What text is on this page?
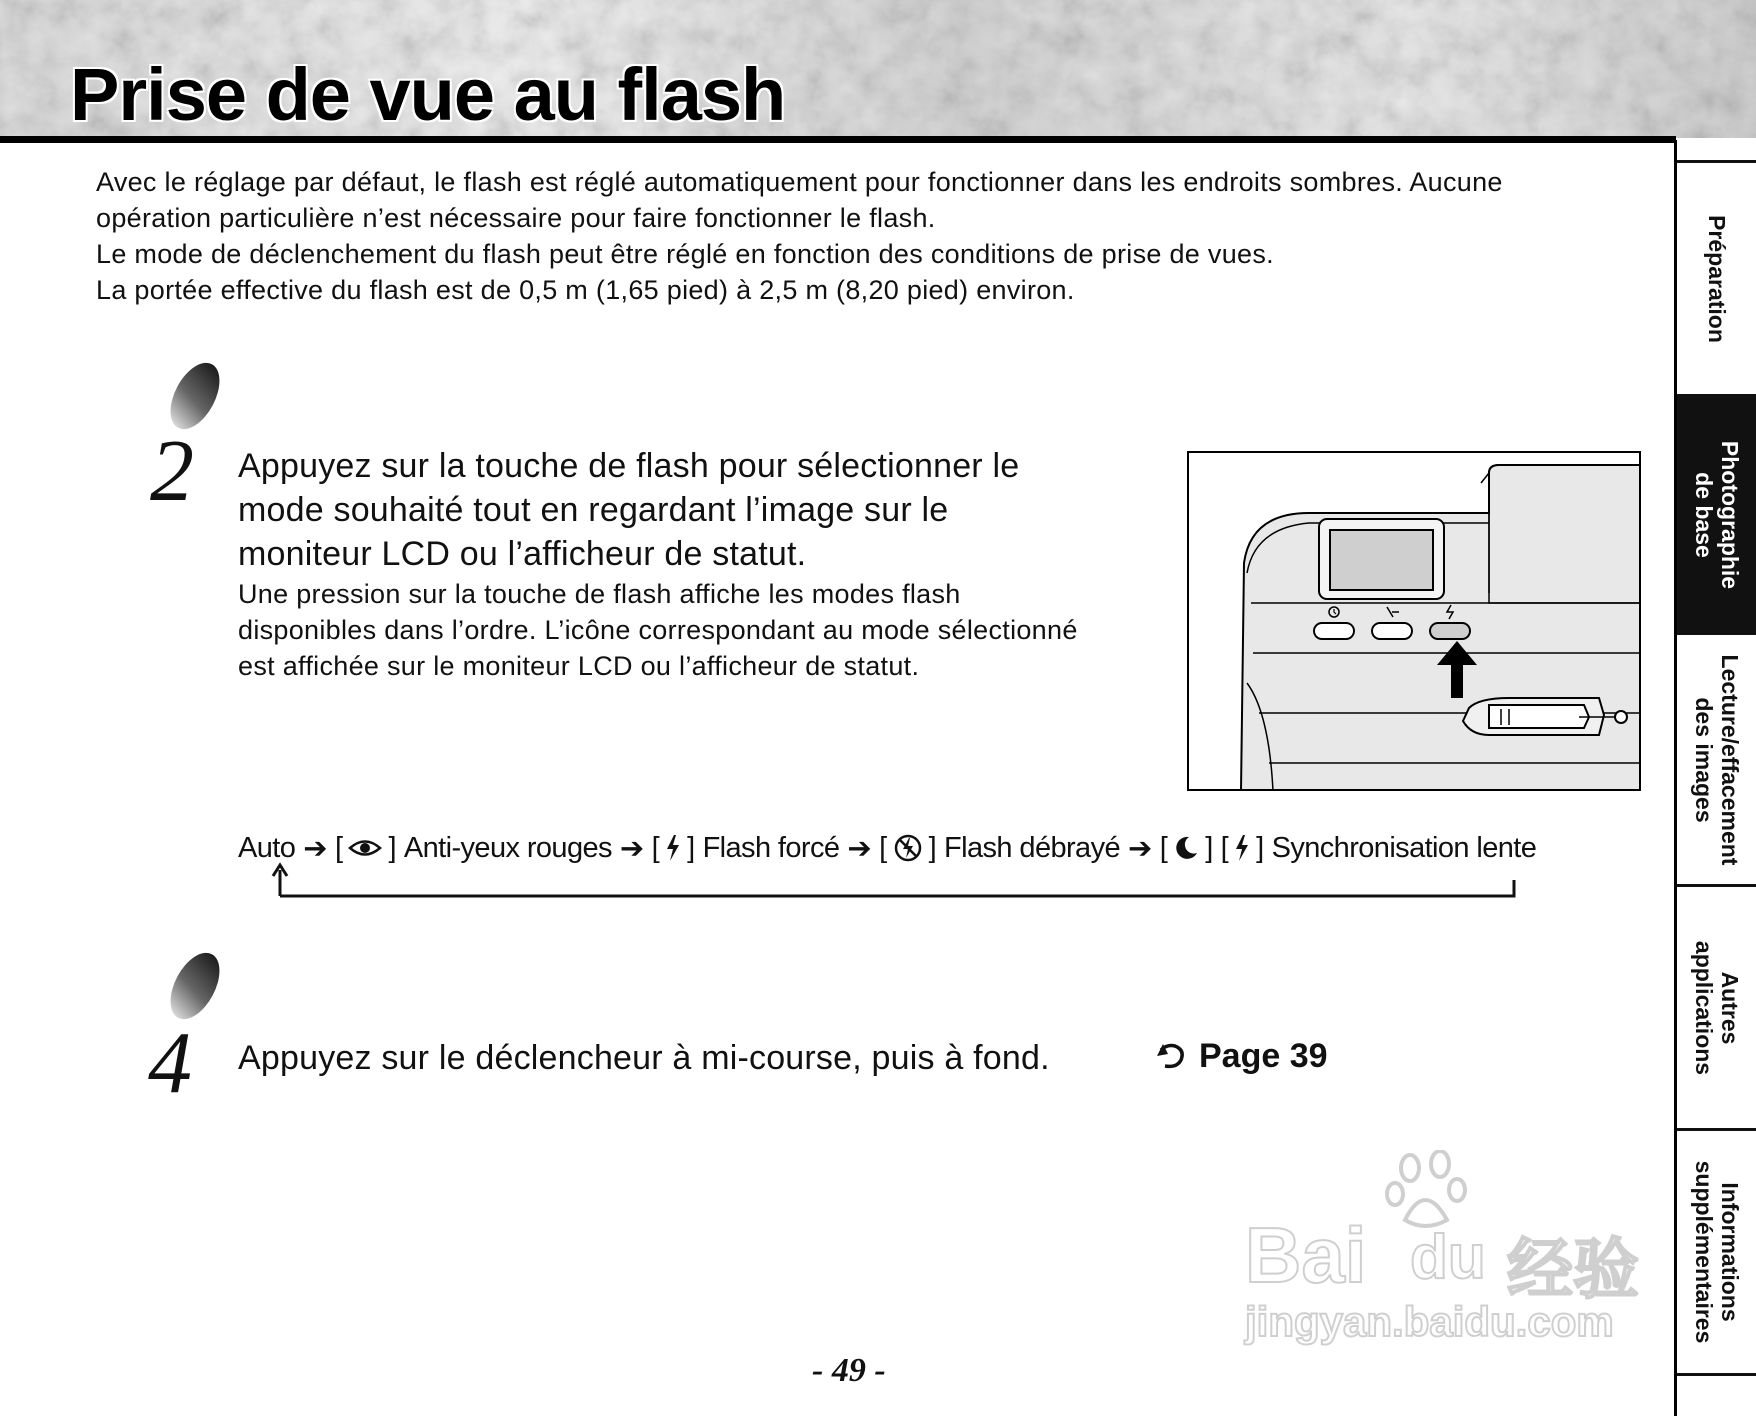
Prise de vue au flash

Avec le réglage par défaut, le flash est réglé automatiquement pour fonctionner dans les endroits sombres. Aucune

opération particulière n’est nécessaire pour faire fonctionner le flash.

Le mode de déclenchement du flash peut être réglé en fonction des conditions de prise de vues.

La portée effective du flash est de 0,5 m (1,65 pied) à 2,5 m (8,20 pied) environ.

2 Appuyez sur la touche de flash pour sélectionner le
mode souhaité tout en regardant l’image sur le
moniteur LCD ou l’afficheur de statut.
Une pression sur la touche de flash affiche les modes flash
disponibles dans l’ordre. L’icône correspondant au mode sélectionné
est affichée sur le moniteur LCD ou l’afficheur de statut.
Auto ➔ [ ] Anti-yeux rouges ➔ [ ] Flash forcé ➔ [ ] Flash débrayé ➔ [ ] [ ] Synchronisation lente
4 Appuyez sur le déclencheur à mi-course, puis à fond.	Page 39
Préparation
Photographie
de base
Lecture/effacement
des images
Autres
applications
Informations
supplémentaires
Bai du 经验
jingyan.baidu.com
- 49 -
